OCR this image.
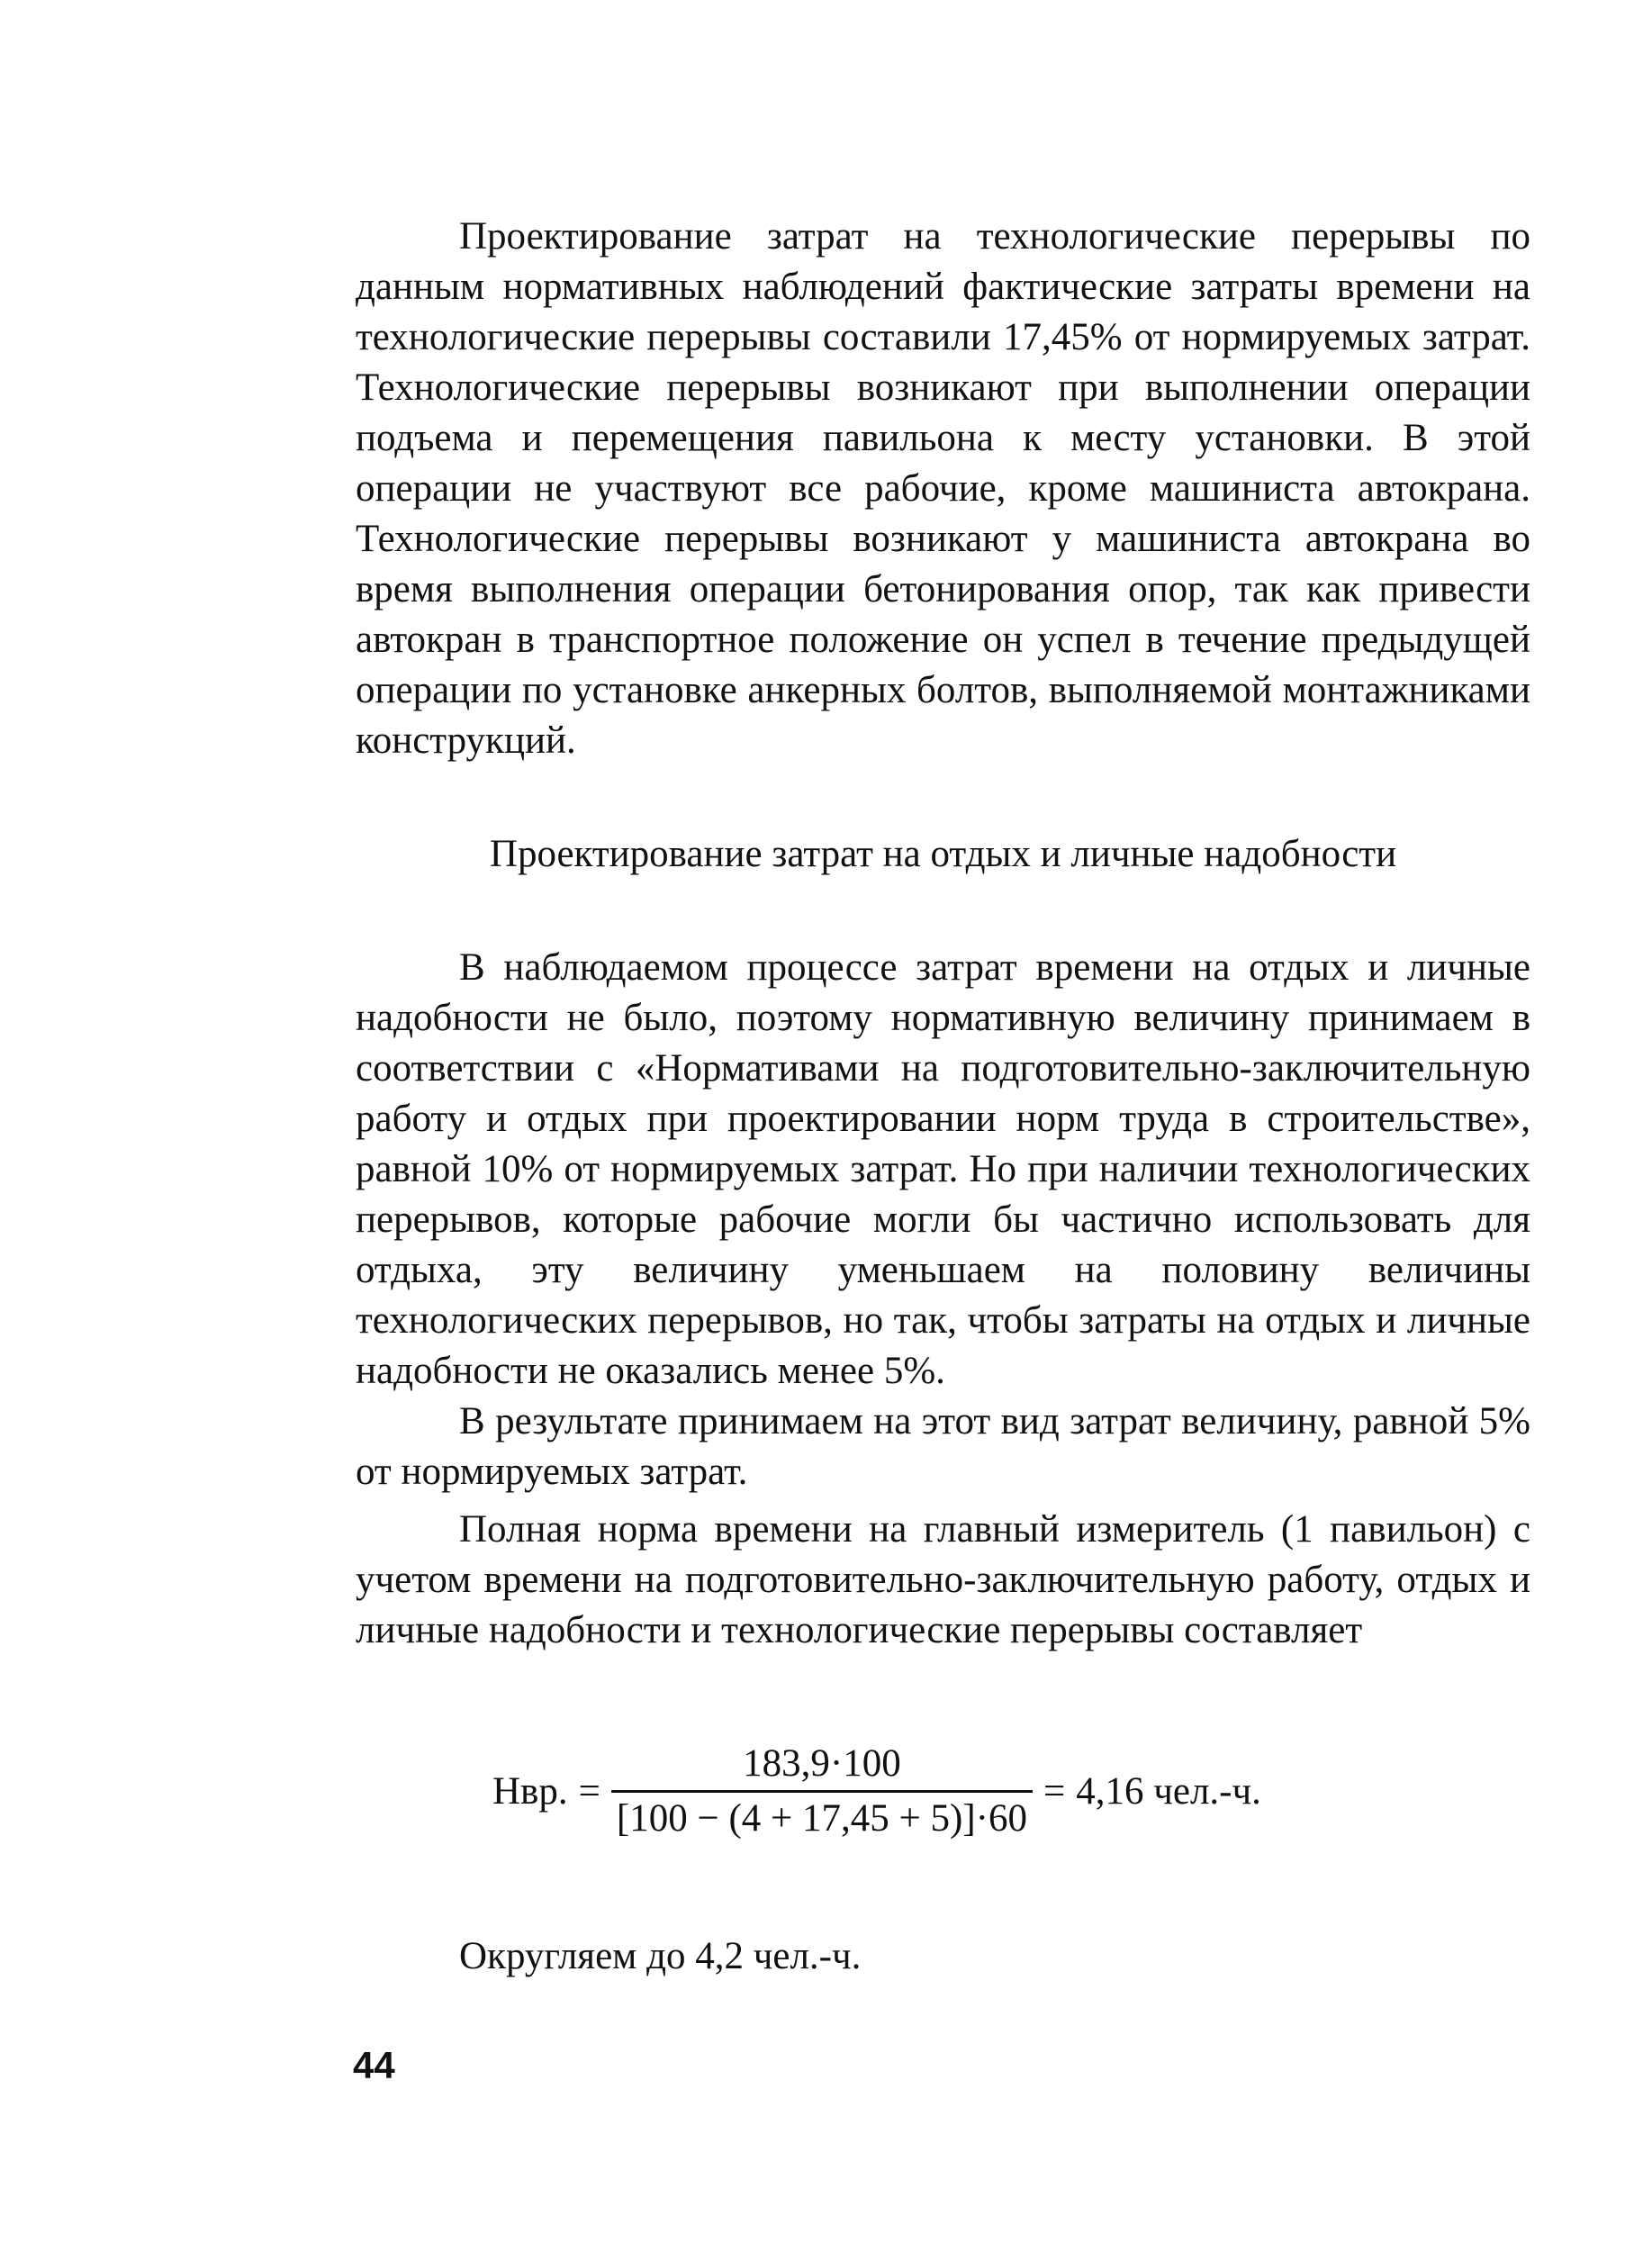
Проектирование затрат на технологические перерывы по данным нормативных наблюдений фактические затраты времени на технологические перерывы составили 17,45% от нормируемых затрат. Технологические перерывы возникают при выполнении операции подъема и перемещения павильона к месту установки. В этой операции не участвуют все рабочие, кроме машиниста автокрана. Технологические перерывы возникают у машиниста автокрана во время выполнения операции бетонирования опор, так как привести автокран в транспортное положение он успел в течение предыдущей операции по установке анкерных болтов, выполняемой монтажниками конструкций.

Проектирование затрат на отдых и личные надобности

В наблюдаемом процессе затрат времени на отдых и личные надобности не было, поэтому нормативную величину принимаем в соответствии с «Нормативами на подготовительно-заключительную работу и отдых при проектировании норм труда в строительстве», равной 10% от нормируемых затрат. Но при наличии технологических перерывов, которые рабочие могли бы частично использовать для отдыха, эту величину уменьшаем на половину величины технологических перерывов, но так, чтобы затраты на отдых и личные надобности не оказались менее 5%.

В результате принимаем на этот вид затрат величину, равной 5% от нормируемых затрат.

Полная норма времени на главный измеритель (1 павильон) с учетом времени на подготовительно-заключительную работу, отдых и личные надобности и технологические перерывы составляет

Нвр. = $\frac{183,9\cdot 100}{[100 - (4 + 17,45 + 5)]\cdot 60} = 4,16$ чел.-ч.
Округляем до 4,2 чел.-ч.
44
